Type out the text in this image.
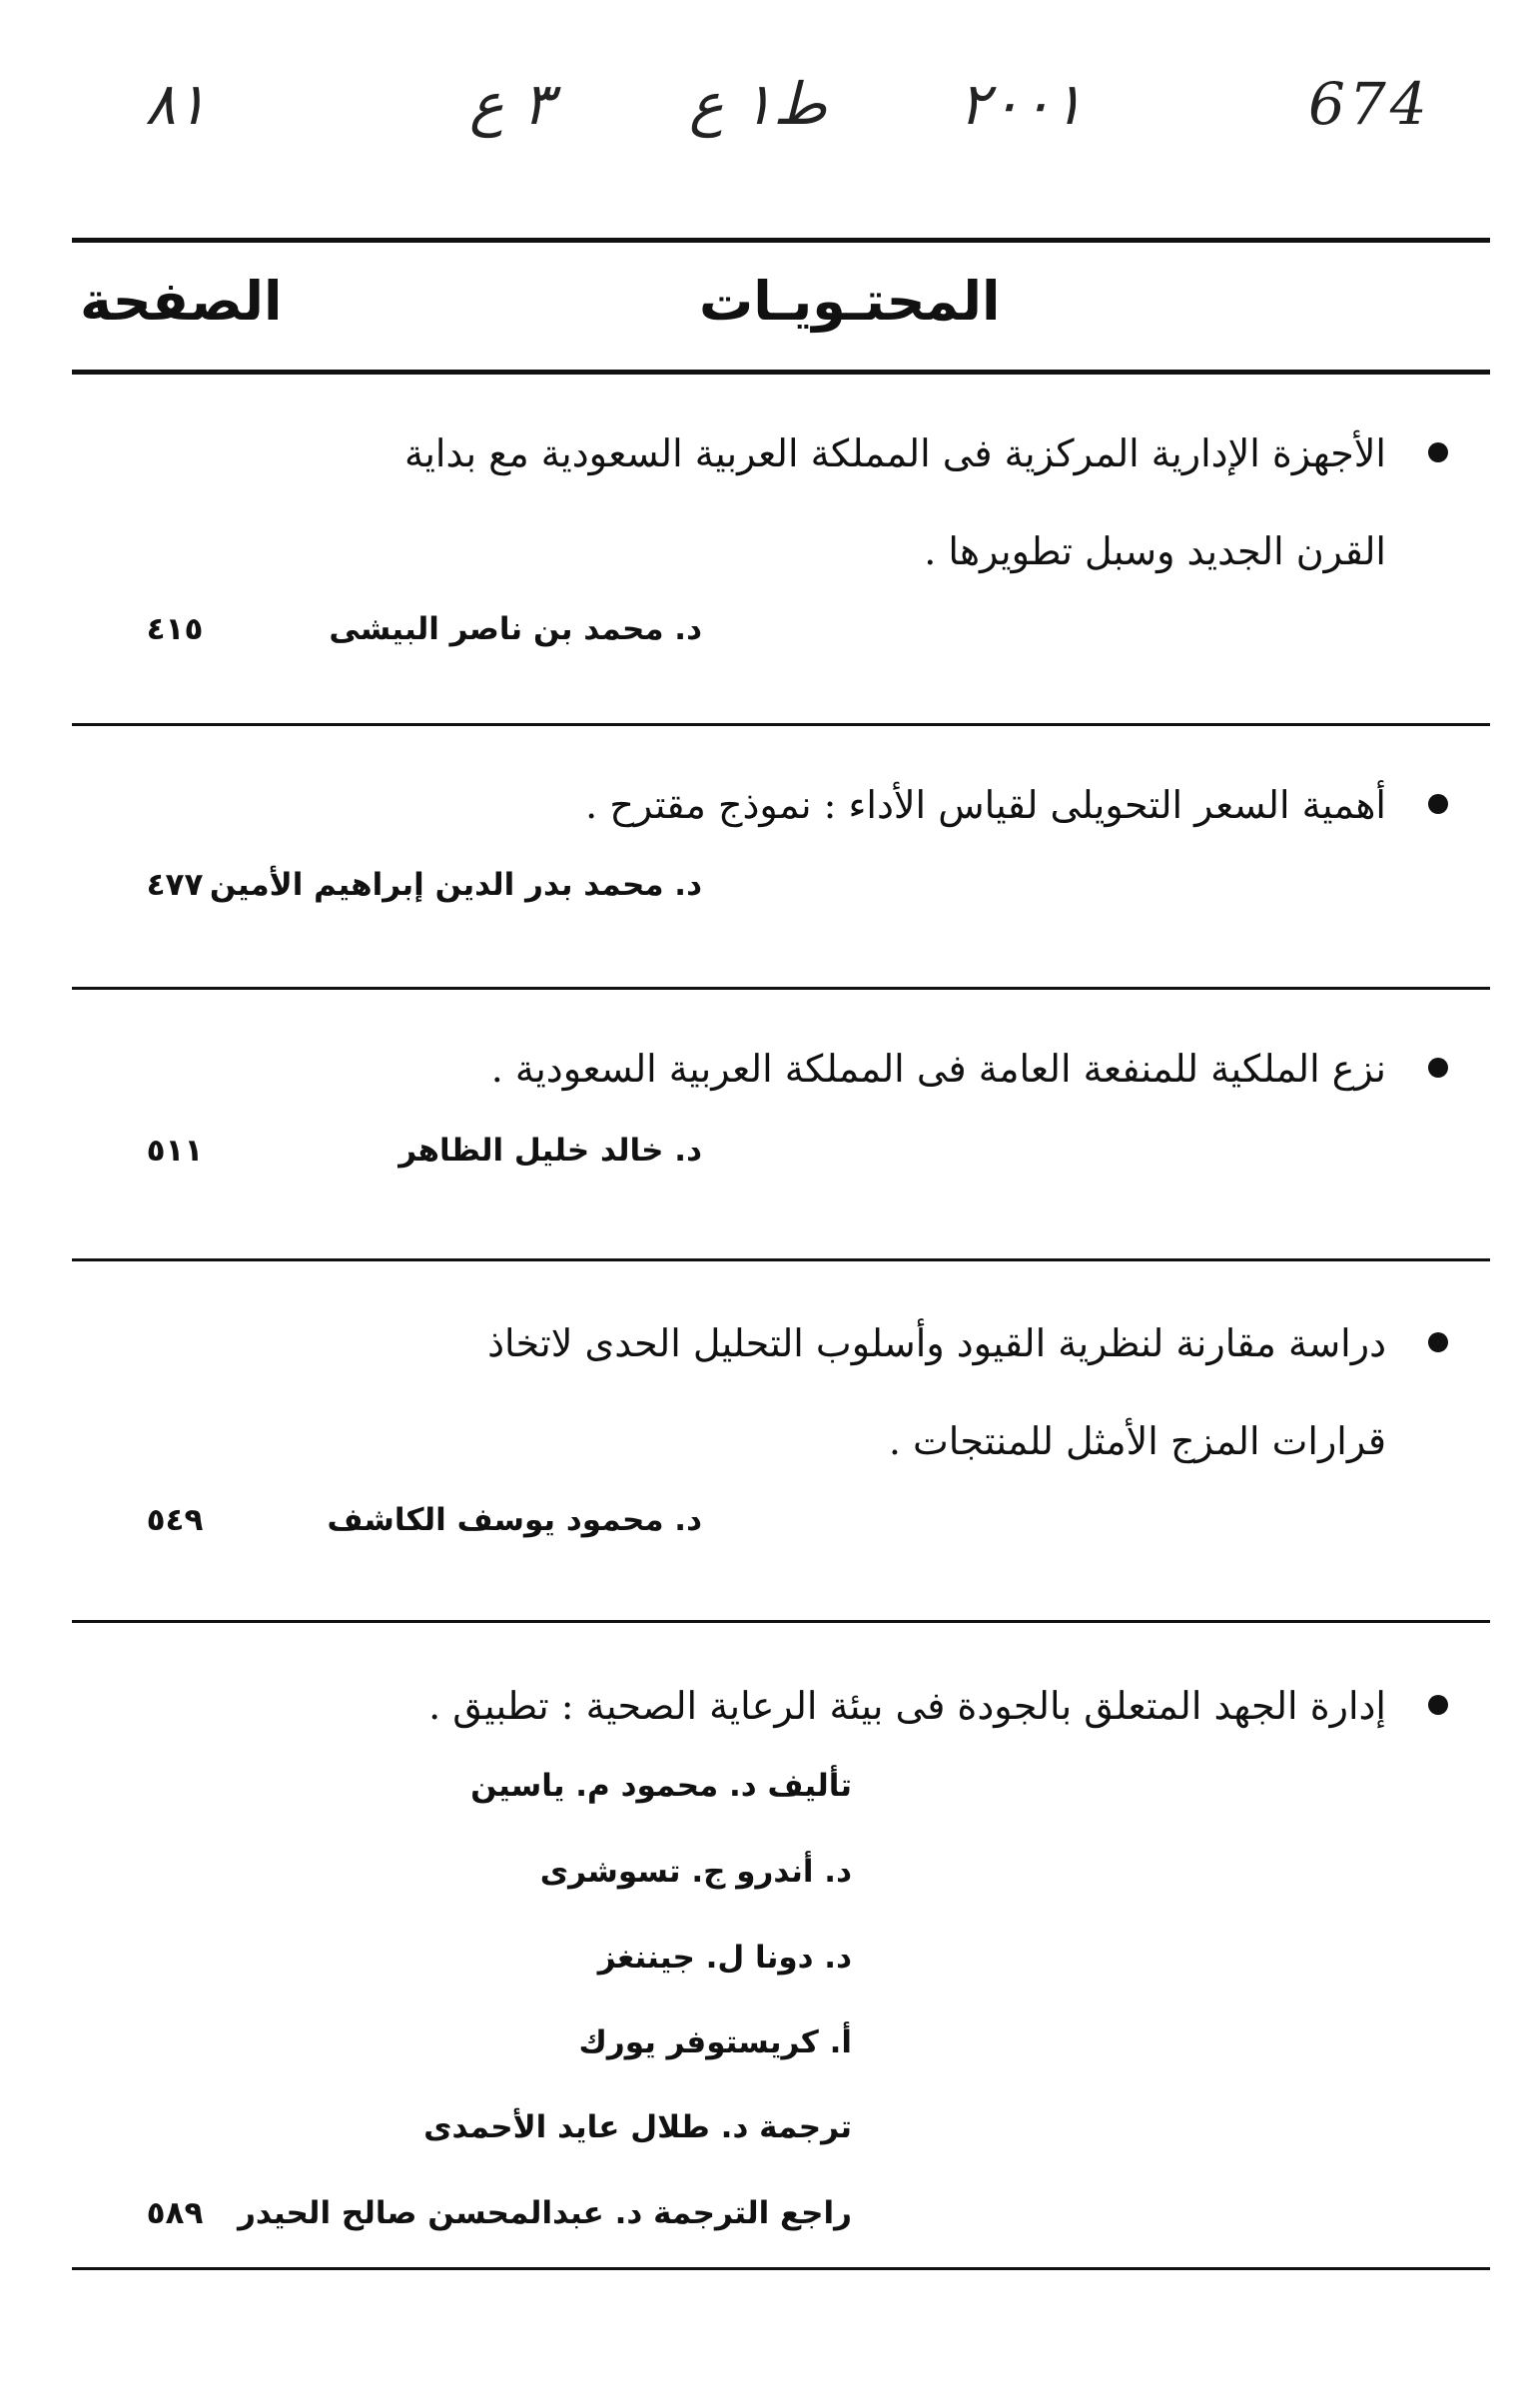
٨١	٣ ع ط١ ع ٢٠٠١	674
المحتـويـات
الصفحة
الأجهزة الإدارية المركزية فى المملكة العربية السعودية مع بداية
القرن الجديد وسبل تطويرها .
د. محمد بن ناصر البيشى
٤١٥
أهمية السعر التحويلى لقياس الأداء : نموذج مقترح .
د. محمد بدر الدين إبراهيم الأمين
٤٧٧
نزع الملكية للمنفعة العامة فى المملكة العربية السعودية .
د. خالد خليل الظاهر
٥١١
دراسة مقارنة لنظرية القيود وأسلوب التحليل الحدى لاتخاذ
قرارات المزج الأمثل للمنتجات .
د. محمود يوسف الكاشف
٥٤٩
إدارة الجهد المتعلق بالجودة فى بيئة الرعاية الصحية : تطبيق .
تأليف د. محمود م. ياسين
د. أندرو ج. تسوشرى
د. دونا ل. جيننغز
أ. كريستوفر يورك
ترجمة د. طلال عايد الأحمدى
راجع الترجمة د. عبدالمحسن صالح الحيدر
٥٨٩
